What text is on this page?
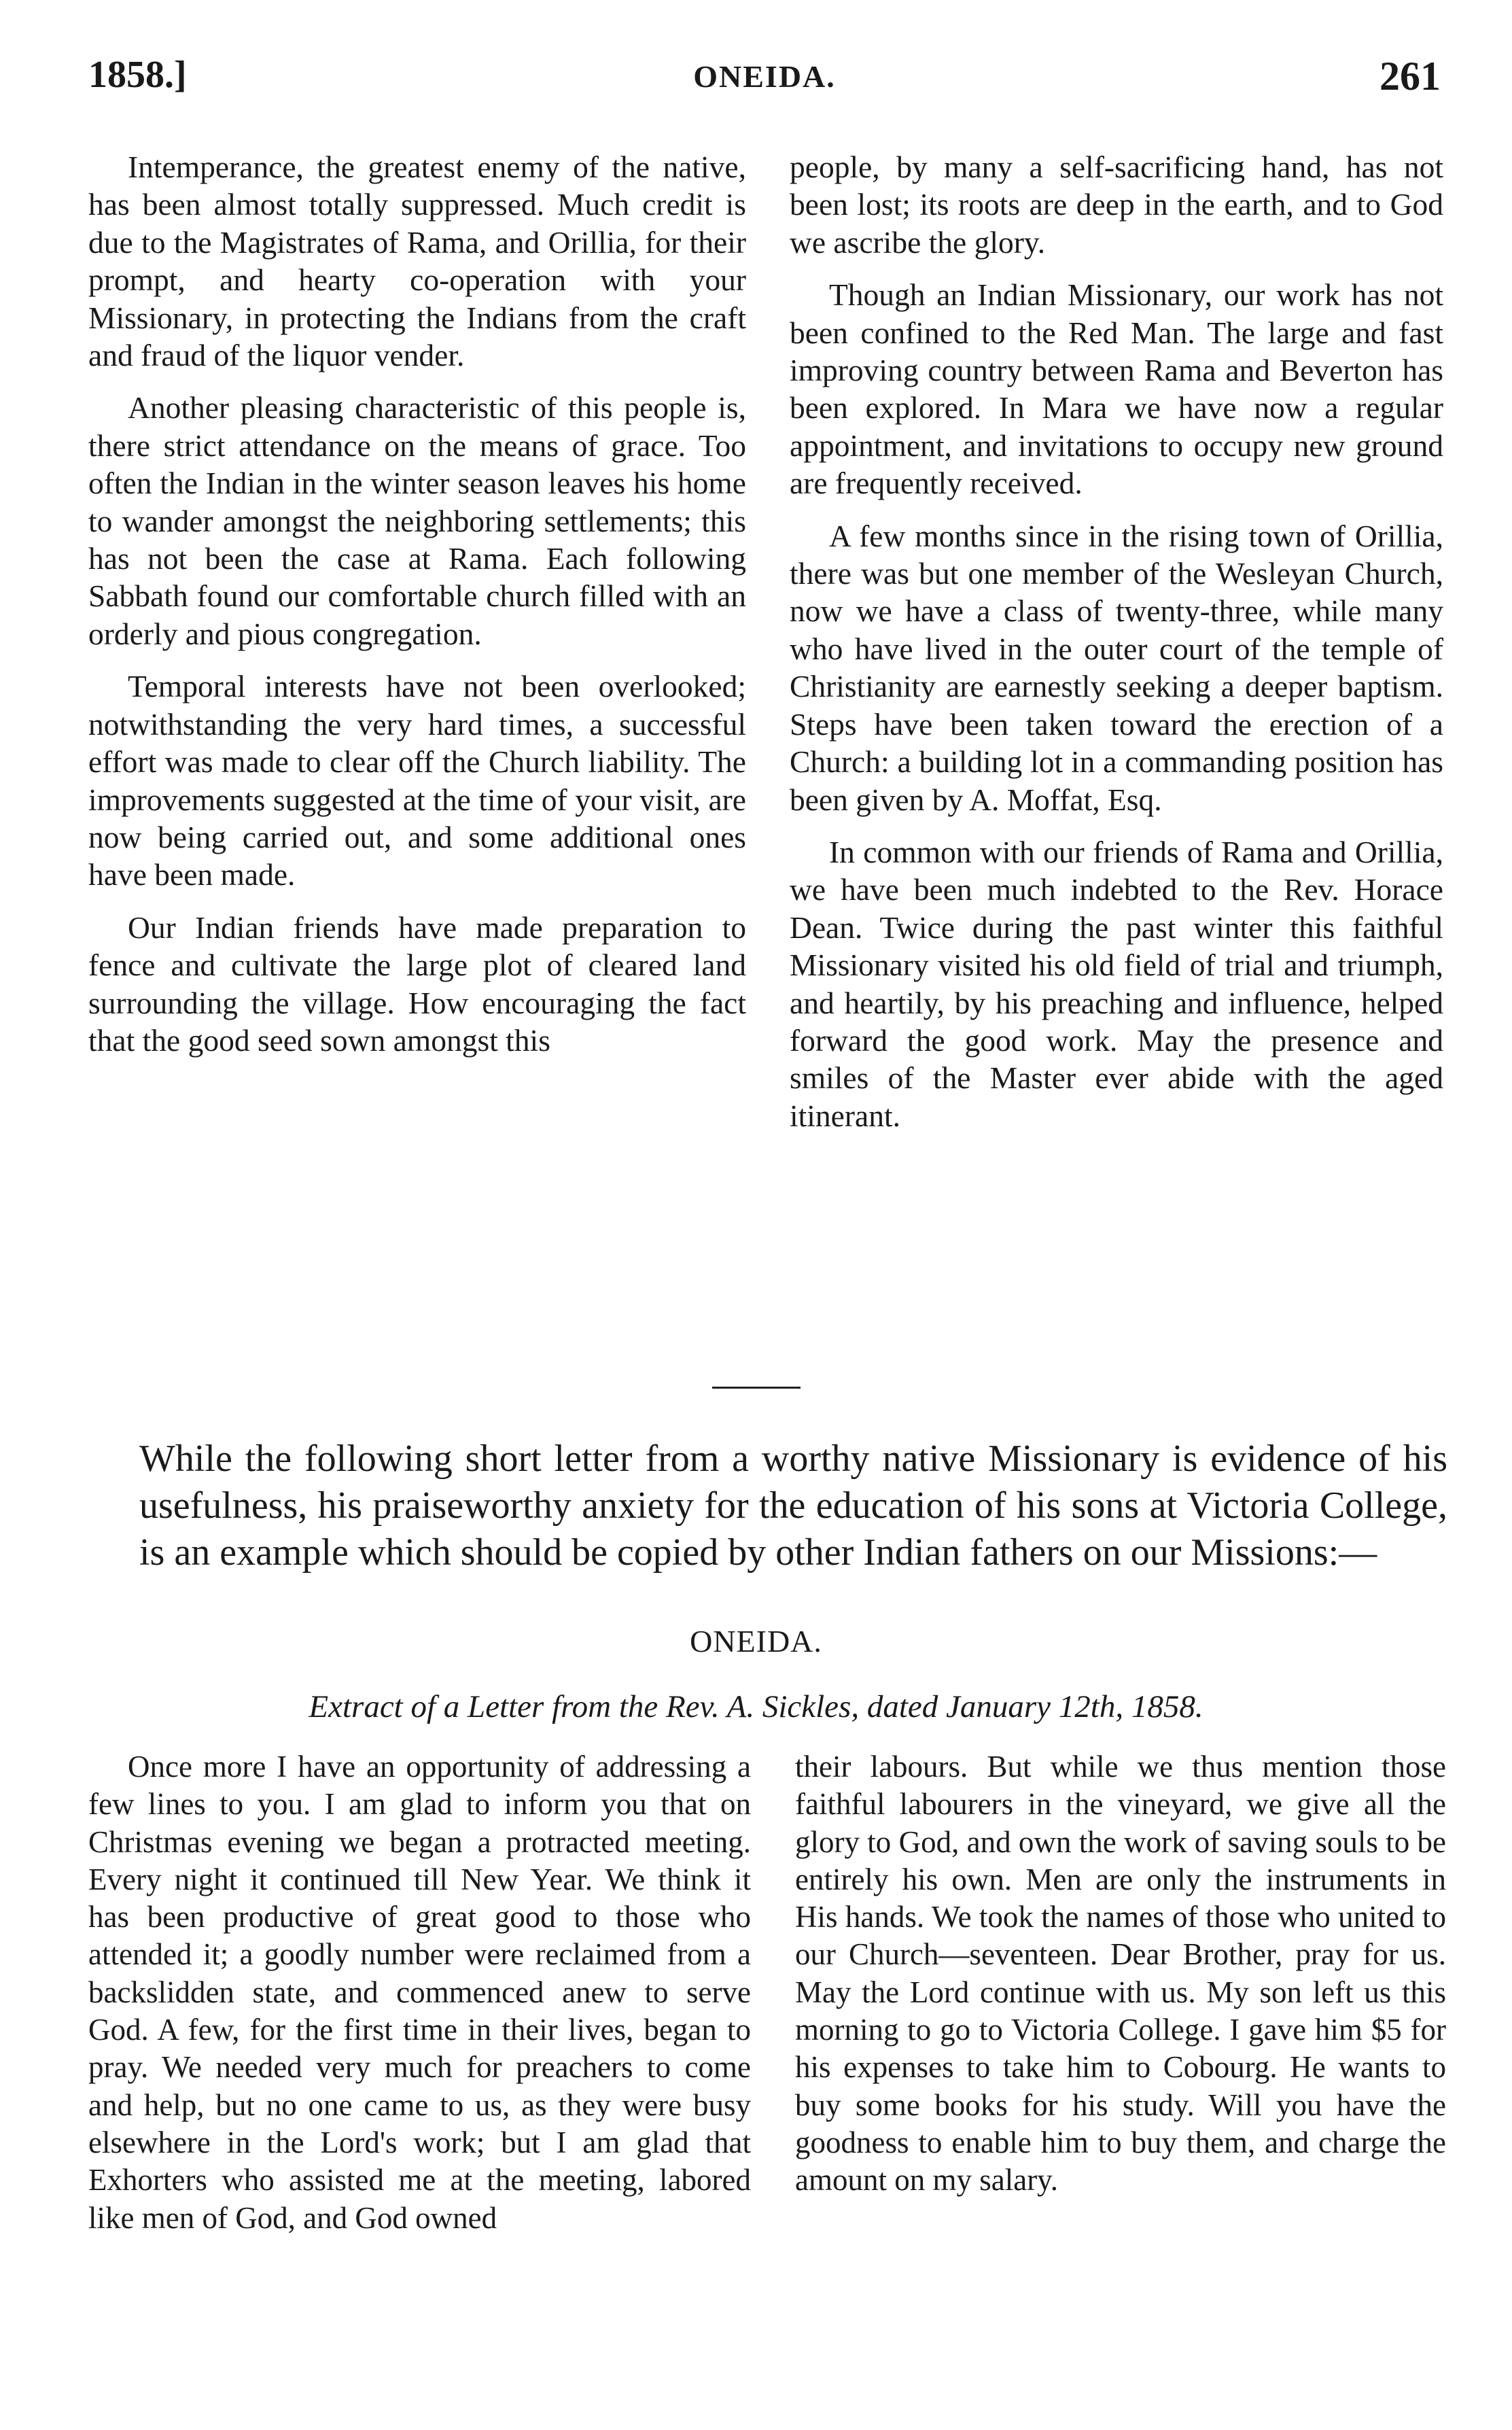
1858.]	ONEIDA.	261

Intemperance, the greatest enemy of the native, has been almost totally suppressed. Much credit is due to the Magistrates of Rama, and Orillia, for their prompt, and hearty co-operation with your Missionary, in protecting the Indians from the craft and fraud of the liquor vender.

Another pleasing characteristic of this people is, there strict attendance on the means of grace. Too often the Indian in the winter season leaves his home to wander amongst the neighboring settlements; this has not been the case at Rama. Each following Sabbath found our comfortable church filled with an orderly and pious congregation.

Temporal interests have not been overlooked; notwithstanding the very hard times, a successful effort was made to clear off the Church liability. The improvements suggested at the time of your visit, are now being carried out, and some additional ones have been made.

Our Indian friends have made preparation to fence and cultivate the large plot of cleared land surrounding the village. How encouraging the fact that the good seed sown amongst this

people, by many a self-sacrificing hand, has not been lost; its roots are deep in the earth, and to God we ascribe the glory.

Though an Indian Missionary, our work has not been confined to the Red Man. The large and fast improving country between Rama and Beverton has been explored. In Mara we have now a regular appointment, and invitations to occupy new ground are frequently received.

A few months since in the rising town of Orillia, there was but one member of the Wesleyan Church, now we have a class of twenty-three, while many who have lived in the outer court of the temple of Christianity are earnestly seeking a deeper baptism. Steps have been taken toward the erection of a Church: a building lot in a commanding position has been given by A. Moffat, Esq.

In common with our friends of Rama and Orillia, we have been much indebted to the Rev. Horace Dean. Twice during the past winter this faithful Missionary visited his old field of trial and triumph, and heartily, by his preaching and influence, helped forward the good work. May the presence and smiles of the Master ever abide with the aged itinerant.

While the following short letter from a worthy native Missionary is evidence of his usefulness, his praiseworthy anxiety for the education of his sons at Victoria College, is an example which should be copied by other Indian fathers on our Missions:—
ONEIDA.
Extract of a Letter from the Rev. A. Sickles, dated January 12th, 1858.

Once more I have an opportunity of addressing a few lines to you. I am glad to inform you that on Christmas evening we began a protracted meeting. Every night it continued till New Year. We think it has been productive of great good to those who attended it; a goodly number were reclaimed from a backslidden state, and commenced anew to serve God. A few, for the first time in their lives, began to pray. We needed very much for preachers to come and help, but no one came to us, as they were busy elsewhere in the Lord's work; but I am glad that Exhorters who assisted me at the meeting, labored like men of God, and God owned

their labours. But while we thus mention those faithful labourers in the vineyard, we give all the glory to God, and own the work of saving souls to be entirely his own. Men are only the instruments in His hands. We took the names of those who united to our Church—seventeen. Dear Brother, pray for us. May the Lord continue with us. My son left us this morning to go to Victoria College. I gave him $5 for his expenses to take him to Cobourg. He wants to buy some books for his study. Will you have the goodness to enable him to buy them, and charge the amount on my salary.
